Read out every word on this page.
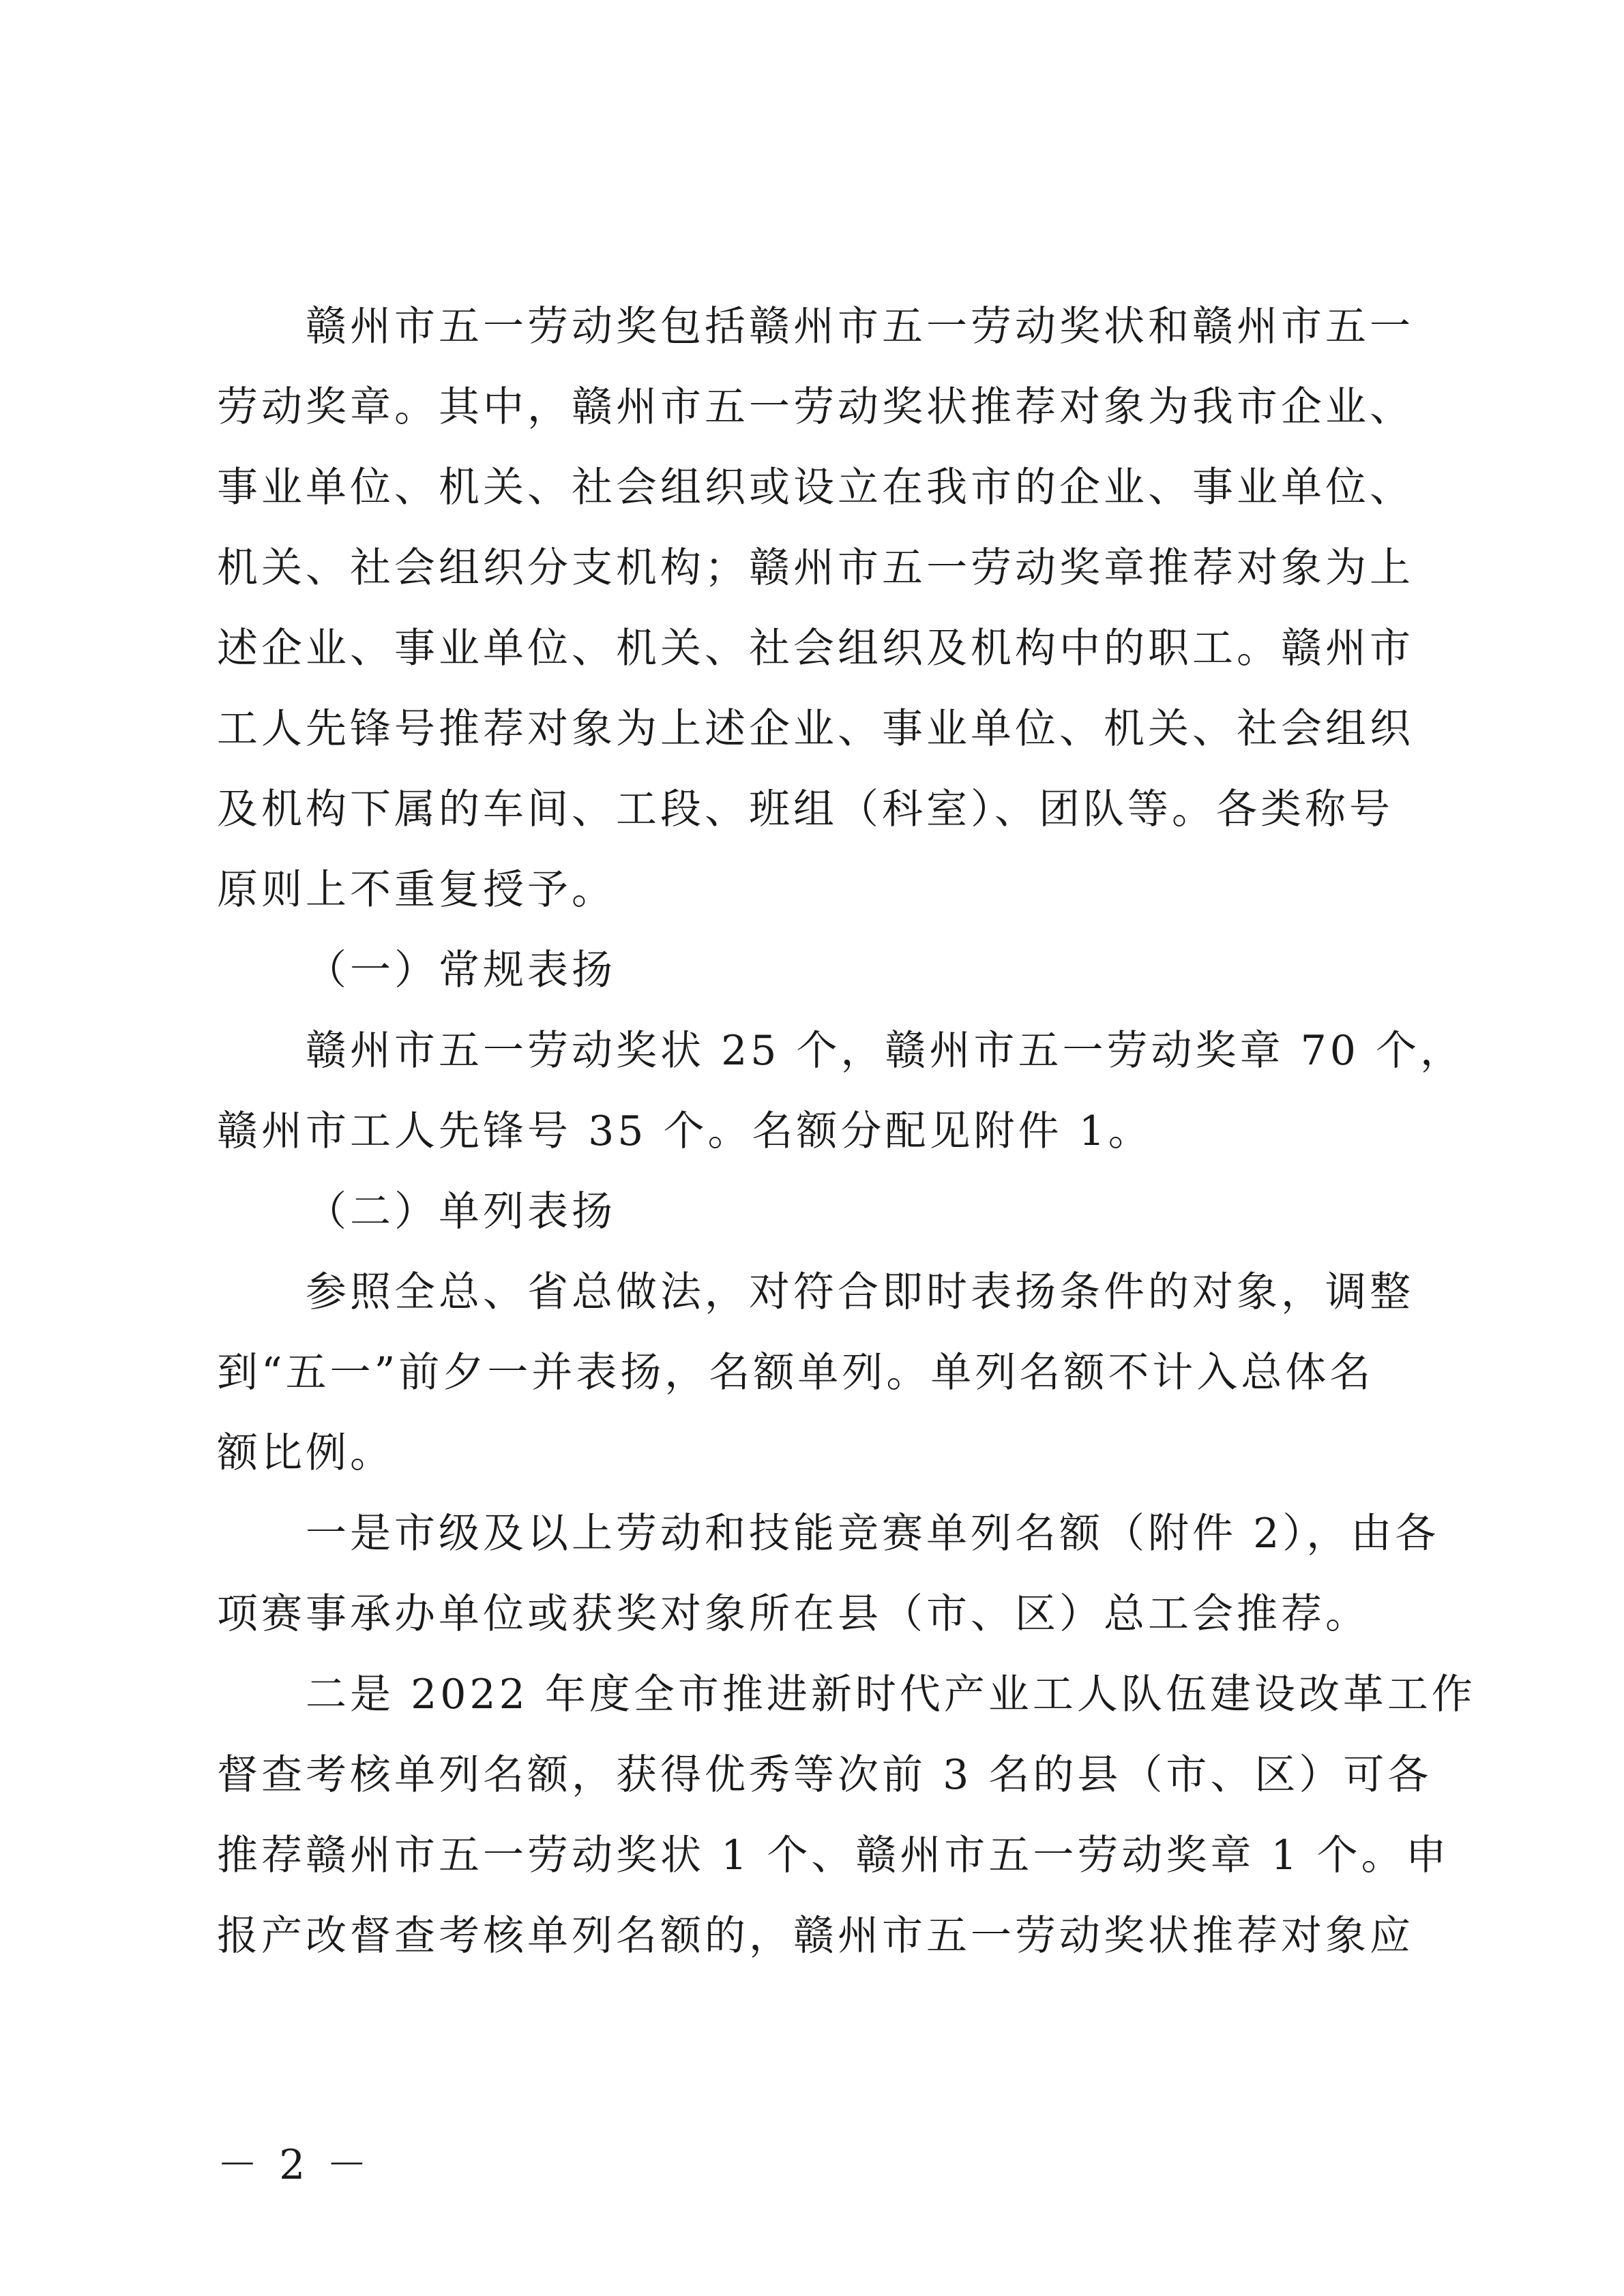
赣州市五一劳动奖包括赣州市五一劳动奖状和赣州市五一
劳动奖章。其中，赣州市五一劳动奖状推荐对象为我市企业、
事业单位、机关、社会组织或设立在我市的企业、事业单位、
机关、社会组织分支机构；赣州市五一劳动奖章推荐对象为上
述企业、事业单位、机关、社会组织及机构中的职工。赣州市
工人先锋号推荐对象为上述企业、事业单位、机关、社会组织
及机构下属的车间、工段、班组（科室）、团队等。各类称号
原则上不重复授予。
（一）常规表扬
赣州市五一劳动奖状 25 个，赣州市五一劳动奖章 70 个，
赣州市工人先锋号 35 个。名额分配见附件 1。
（二）单列表扬
参照全总、省总做法，对符合即时表扬条件的对象，调整
到“五一”前夕一并表扬，名额单列。单列名额不计入总体名
额比例。
一是市级及以上劳动和技能竞赛单列名额（附件 2），由各
项赛事承办单位或获奖对象所在县（市、区）总工会推荐。
二是 2022 年度全市推进新时代产业工人队伍建设改革工作
督查考核单列名额，获得优秀等次前 3 名的县（市、区）可各
推荐赣州市五一劳动奖状 1 个、赣州市五一劳动奖章 1 个。申
报产改督查考核单列名额的，赣州市五一劳动奖状推荐对象应
－ 2 －
